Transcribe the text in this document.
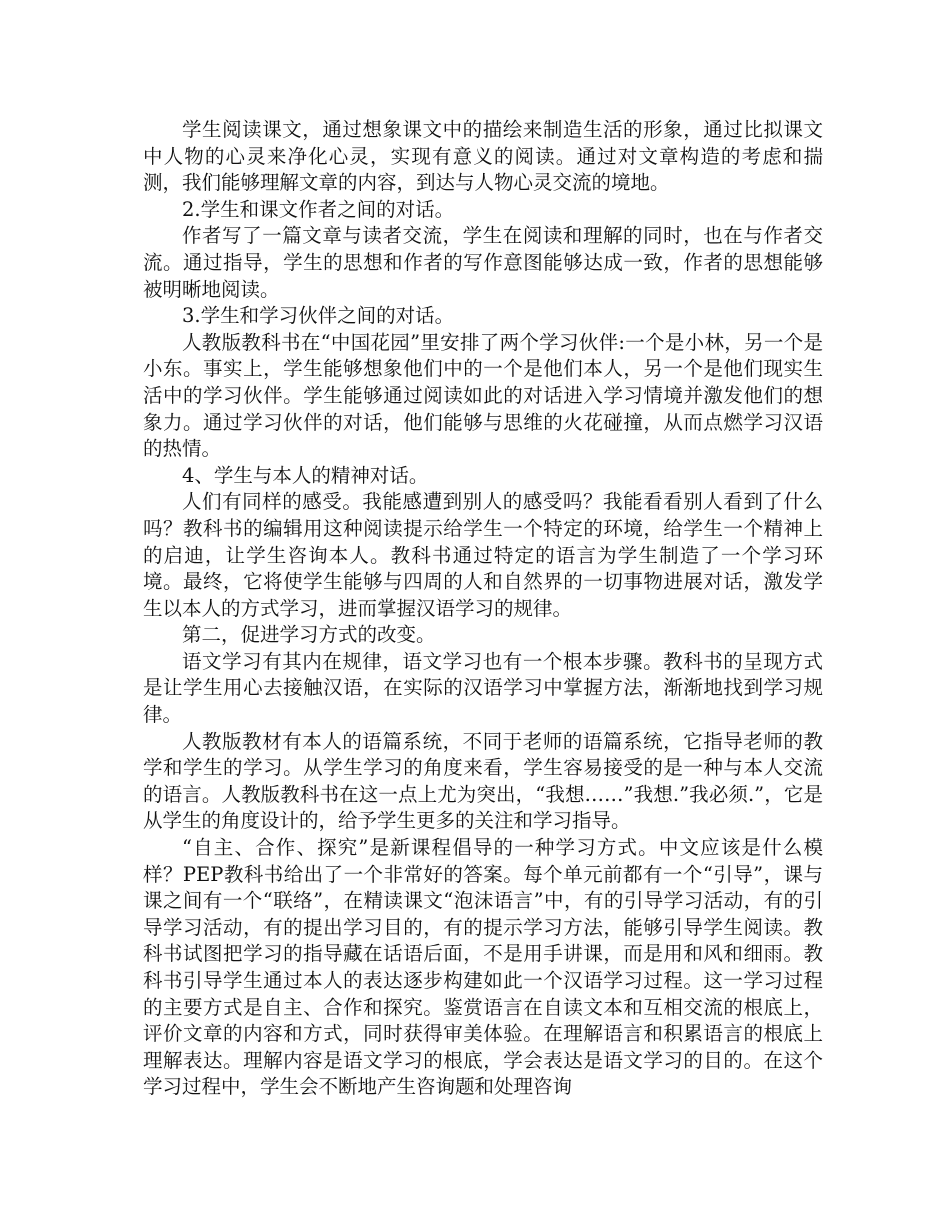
学生阅读课文，通过想象课文中的描绘来制造生活的形象，通过比拟课文中人物的心灵来净化心灵，实现有意义的阅读。通过对文章构造的考虑和揣测，我们能够理解文章的内容，到达与人物心灵交流的境地。

2.学生和课文作者之间的对话。

作者写了一篇文章与读者交流，学生在阅读和理解的同时，也在与作者交流。通过指导，学生的思想和作者的写作意图能够达成一致，作者的思想能够被明晰地阅读。

3.学生和学习伙伴之间的对话。

人教版教科书在“中国花园”里安排了两个学习伙伴:一个是小林，另一个是小东。事实上，学生能够想象他们中的一个是他们本人，另一个是他们现实生活中的学习伙伴。学生能够通过阅读如此的对话进入学习情境并激发他们的想象力。通过学习伙伴的对话，他们能够与思维的火花碰撞，从而点燃学习汉语的热情。

4、学生与本人的精神对话。

人们有同样的感受。我能感遭到别人的感受吗？我能看看别人看到了什么吗？教科书的编辑用这种阅读提示给学生一个特定的环境，给学生一个精神上的启迪，让学生咨询本人。教科书通过特定的语言为学生制造了一个学习环境。最终，它将使学生能够与四周的人和自然界的一切事物进展对话，激发学生以本人的方式学习，进而掌握汉语学习的规律。

第二，促进学习方式的改变。

语文学习有其内在规律，语文学习也有一个根本步骤。教科书的呈现方式是让学生用心去接触汉语，在实际的汉语学习中掌握方法，渐渐地找到学习规律。

人教版教材有本人的语篇系统，不同于老师的语篇系统，它指导老师的教学和学生的学习。从学生学习的角度来看，学生容易接受的是一种与本人交流的语言。人教版教科书在这一点上尤为突出，“我想……”我想.”我必须.”，它是从学生的角度设计的，给予学生更多的关注和学习指导。

“自主、合作、探究”是新课程倡导的一种学习方式。中文应该是什么模样？PEP教科书给出了一个非常好的答案。每个单元前都有一个“引导”，课与课之间有一个“联络”，在精读课文“泡沫语言”中，有的引导学习活动，有的引导学习活动，有的提出学习目的，有的提示学习方法，能够引导学生阅读。教科书试图把学习的指导藏在话语后面，不是用手讲课，而是用和风和细雨。教科书引导学生通过本人的表达逐步构建如此一个汉语学习过程。这一学习过程的主要方式是自主、合作和探究。鉴赏语言在自读文本和互相交流的根底上，评价文章的内容和方式，同时获得审美体验。在理解语言和积累语言的根底上理解表达。理解内容是语文学习的根底，学会表达是语文学习的目的。在这个学习过程中，学生会不断地产生咨询题和处理咨询
